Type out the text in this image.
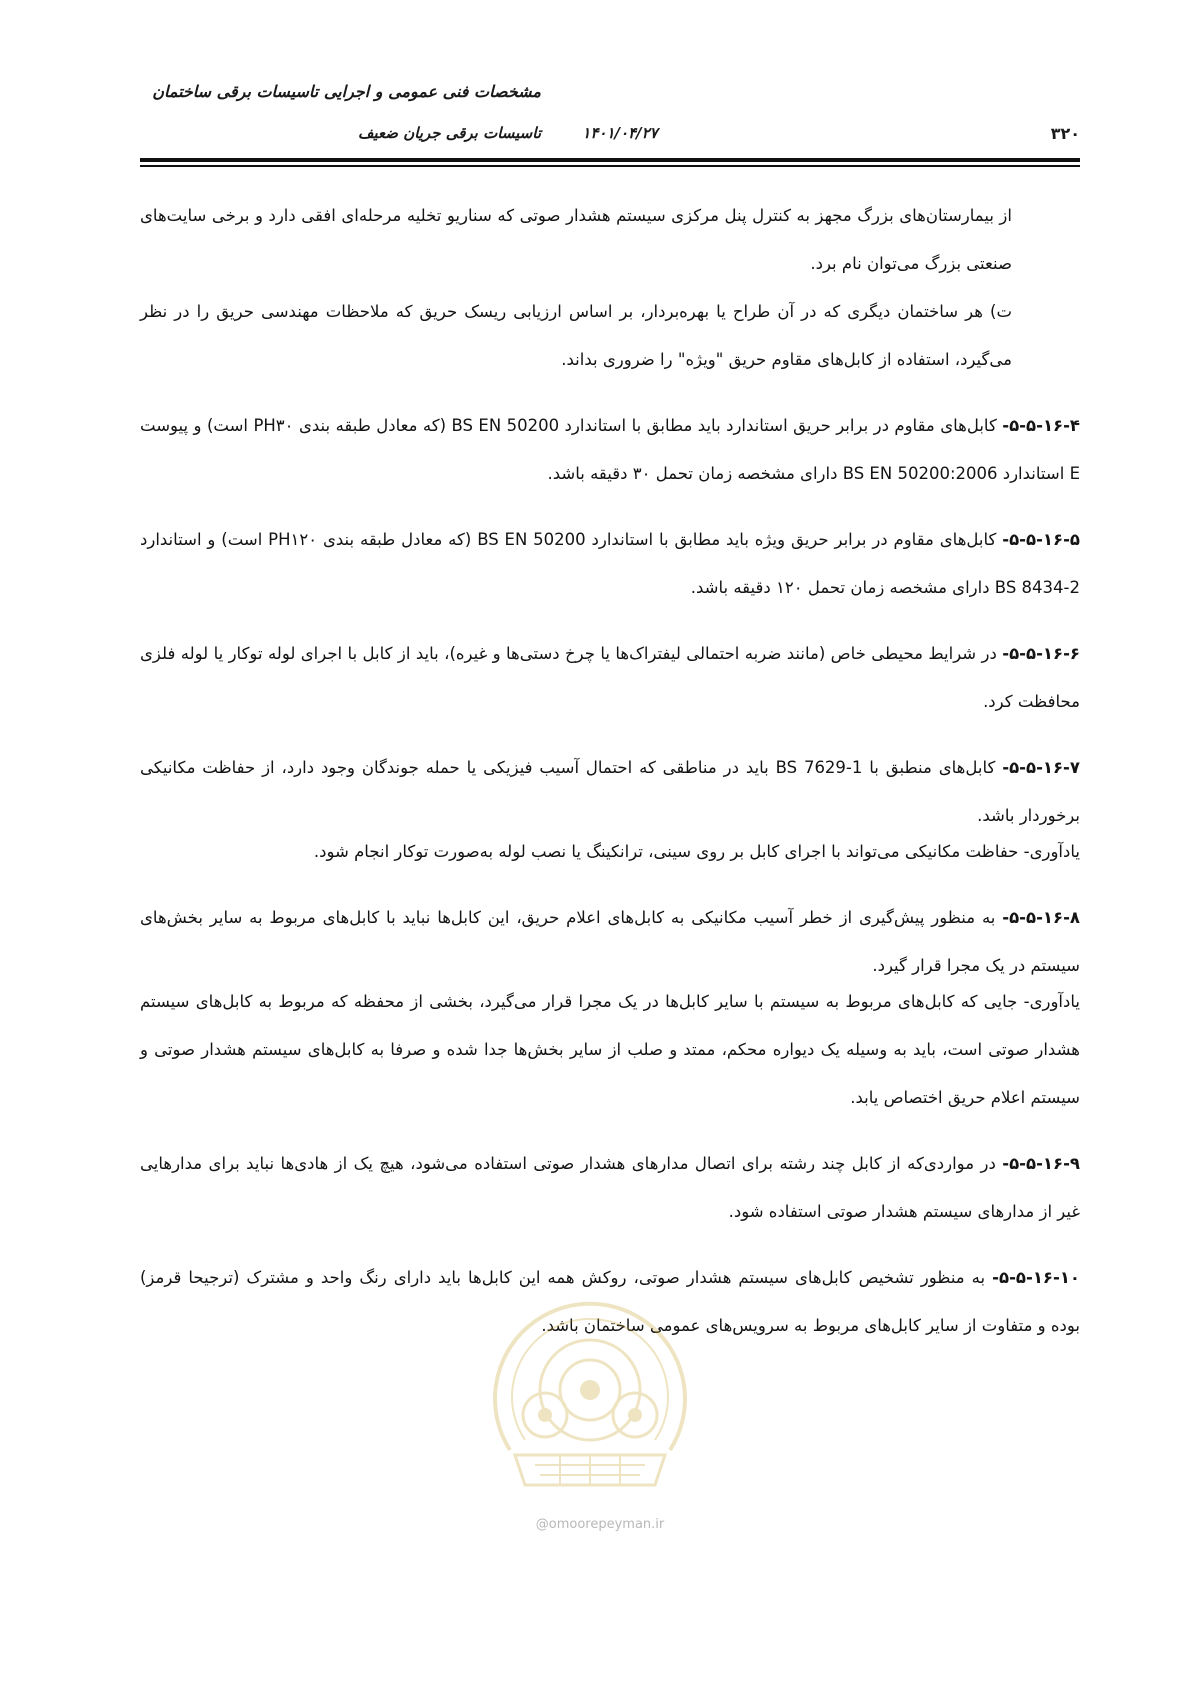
مشخصات فنی عمومی و اجرایی تاسیسات برقی ساختمان
تاسیسات برقی جریان ضعیف	۱۴۰۱/۰۴/۲۷	۳۲۰

از بیمارستان‌های بزرگ مجهز به کنترل پنل مرکزی سیستم هشدار صوتی که سناریو تخلیه مرحله‌ای افقی دارد و برخی سایت‌های صنعتی بزرگ می‌توان نام برد.

ت) هر ساختمان دیگری که در آن طراح یا بهره‌بردار، بر اساس ارزیابی ریسک حریق که ملاحظات مهندسی حریق را در نظر می‌گیرد، استفاده از کابل‌های مقاوم حریق "ویژه" را ضروری بداند.

۵-۵-۱۶-۴- کابل‌های مقاوم در برابر حریق استاندارد باید مطابق با استاندارد BS EN 50200 (که معادل طبقه بندی PH۳۰ است) و پیوست E استاندارد BS EN 50200:2006 دارای مشخصه زمان تحمل ۳۰ دقیقه باشد.

۵-۵-۱۶-۵- کابل‌های مقاوم در برابر حریق ویژه باید مطابق با استاندارد BS EN 50200 (که معادل طبقه بندی PH۱۲۰ است) و استاندارد BS 8434-2 دارای مشخصه زمان تحمل ۱۲۰ دقیقه باشد.

۵-۵-۱۶-۶- در شرایط محیطی خاص (مانند ضربه احتمالی لیفتراک‌ها یا چرخ دستی‌ها و غیره)، باید از کابل با اجرای لوله توکار یا لوله فلزی محافظت کرد.

۵-۵-۱۶-۷- کابل‌های منطبق با BS 7629-1 باید در مناطقی که احتمال آسیب فیزیکی یا حمله جوندگان وجود دارد، از حفاظت مکانیکی برخوردار باشد.

یادآوری- حفاظت مکانیکی می‌تواند با اجرای کابل بر روی سینی، ترانکینگ یا نصب لوله به‌صورت توکار انجام شود.

۵-۵-۱۶-۸- به منظور پیش‌گیری از خطر آسیب مکانیکی به کابل‌های اعلام حریق، این کابل‌ها نباید با کابل‌های مربوط به سایر بخش‌های سیستم در یک مجرا قرار گیرد.

یادآوری- جایی که کابل‌های مربوط به سیستم با سایر کابل‌ها در یک مجرا قرار می‌گیرد، بخشی از محفظه که مربوط به کابل‌های سیستم هشدار صوتی است، باید به وسیله یک دیواره محکم، ممتد و صلب از سایر بخش‌ها جدا شده و صرفا به کابل‌های سیستم هشدار صوتی و سیستم اعلام حریق اختصاص یابد.

۵-۵-۱۶-۹- در مواردی‌که از کابل چند رشته برای اتصال مدارهای هشدار صوتی استفاده می‌شود، هیچ یک از هادی‌ها نباید برای مدارهایی غیر از مدارهای سیستم هشدار صوتی استفاده شود.

۵-۵-۱۶-۱۰- به منظور تشخیص کابل‌های سیستم هشدار صوتی، روکش همه این کابل‌ها باید دارای رنگ واحد و مشترک (ترجیحا قرمز) بوده و متفاوت از سایر کابل‌های مربوط به سرویس‌های عمومی ساختمان باشد.

@omoorepeyman.ir
